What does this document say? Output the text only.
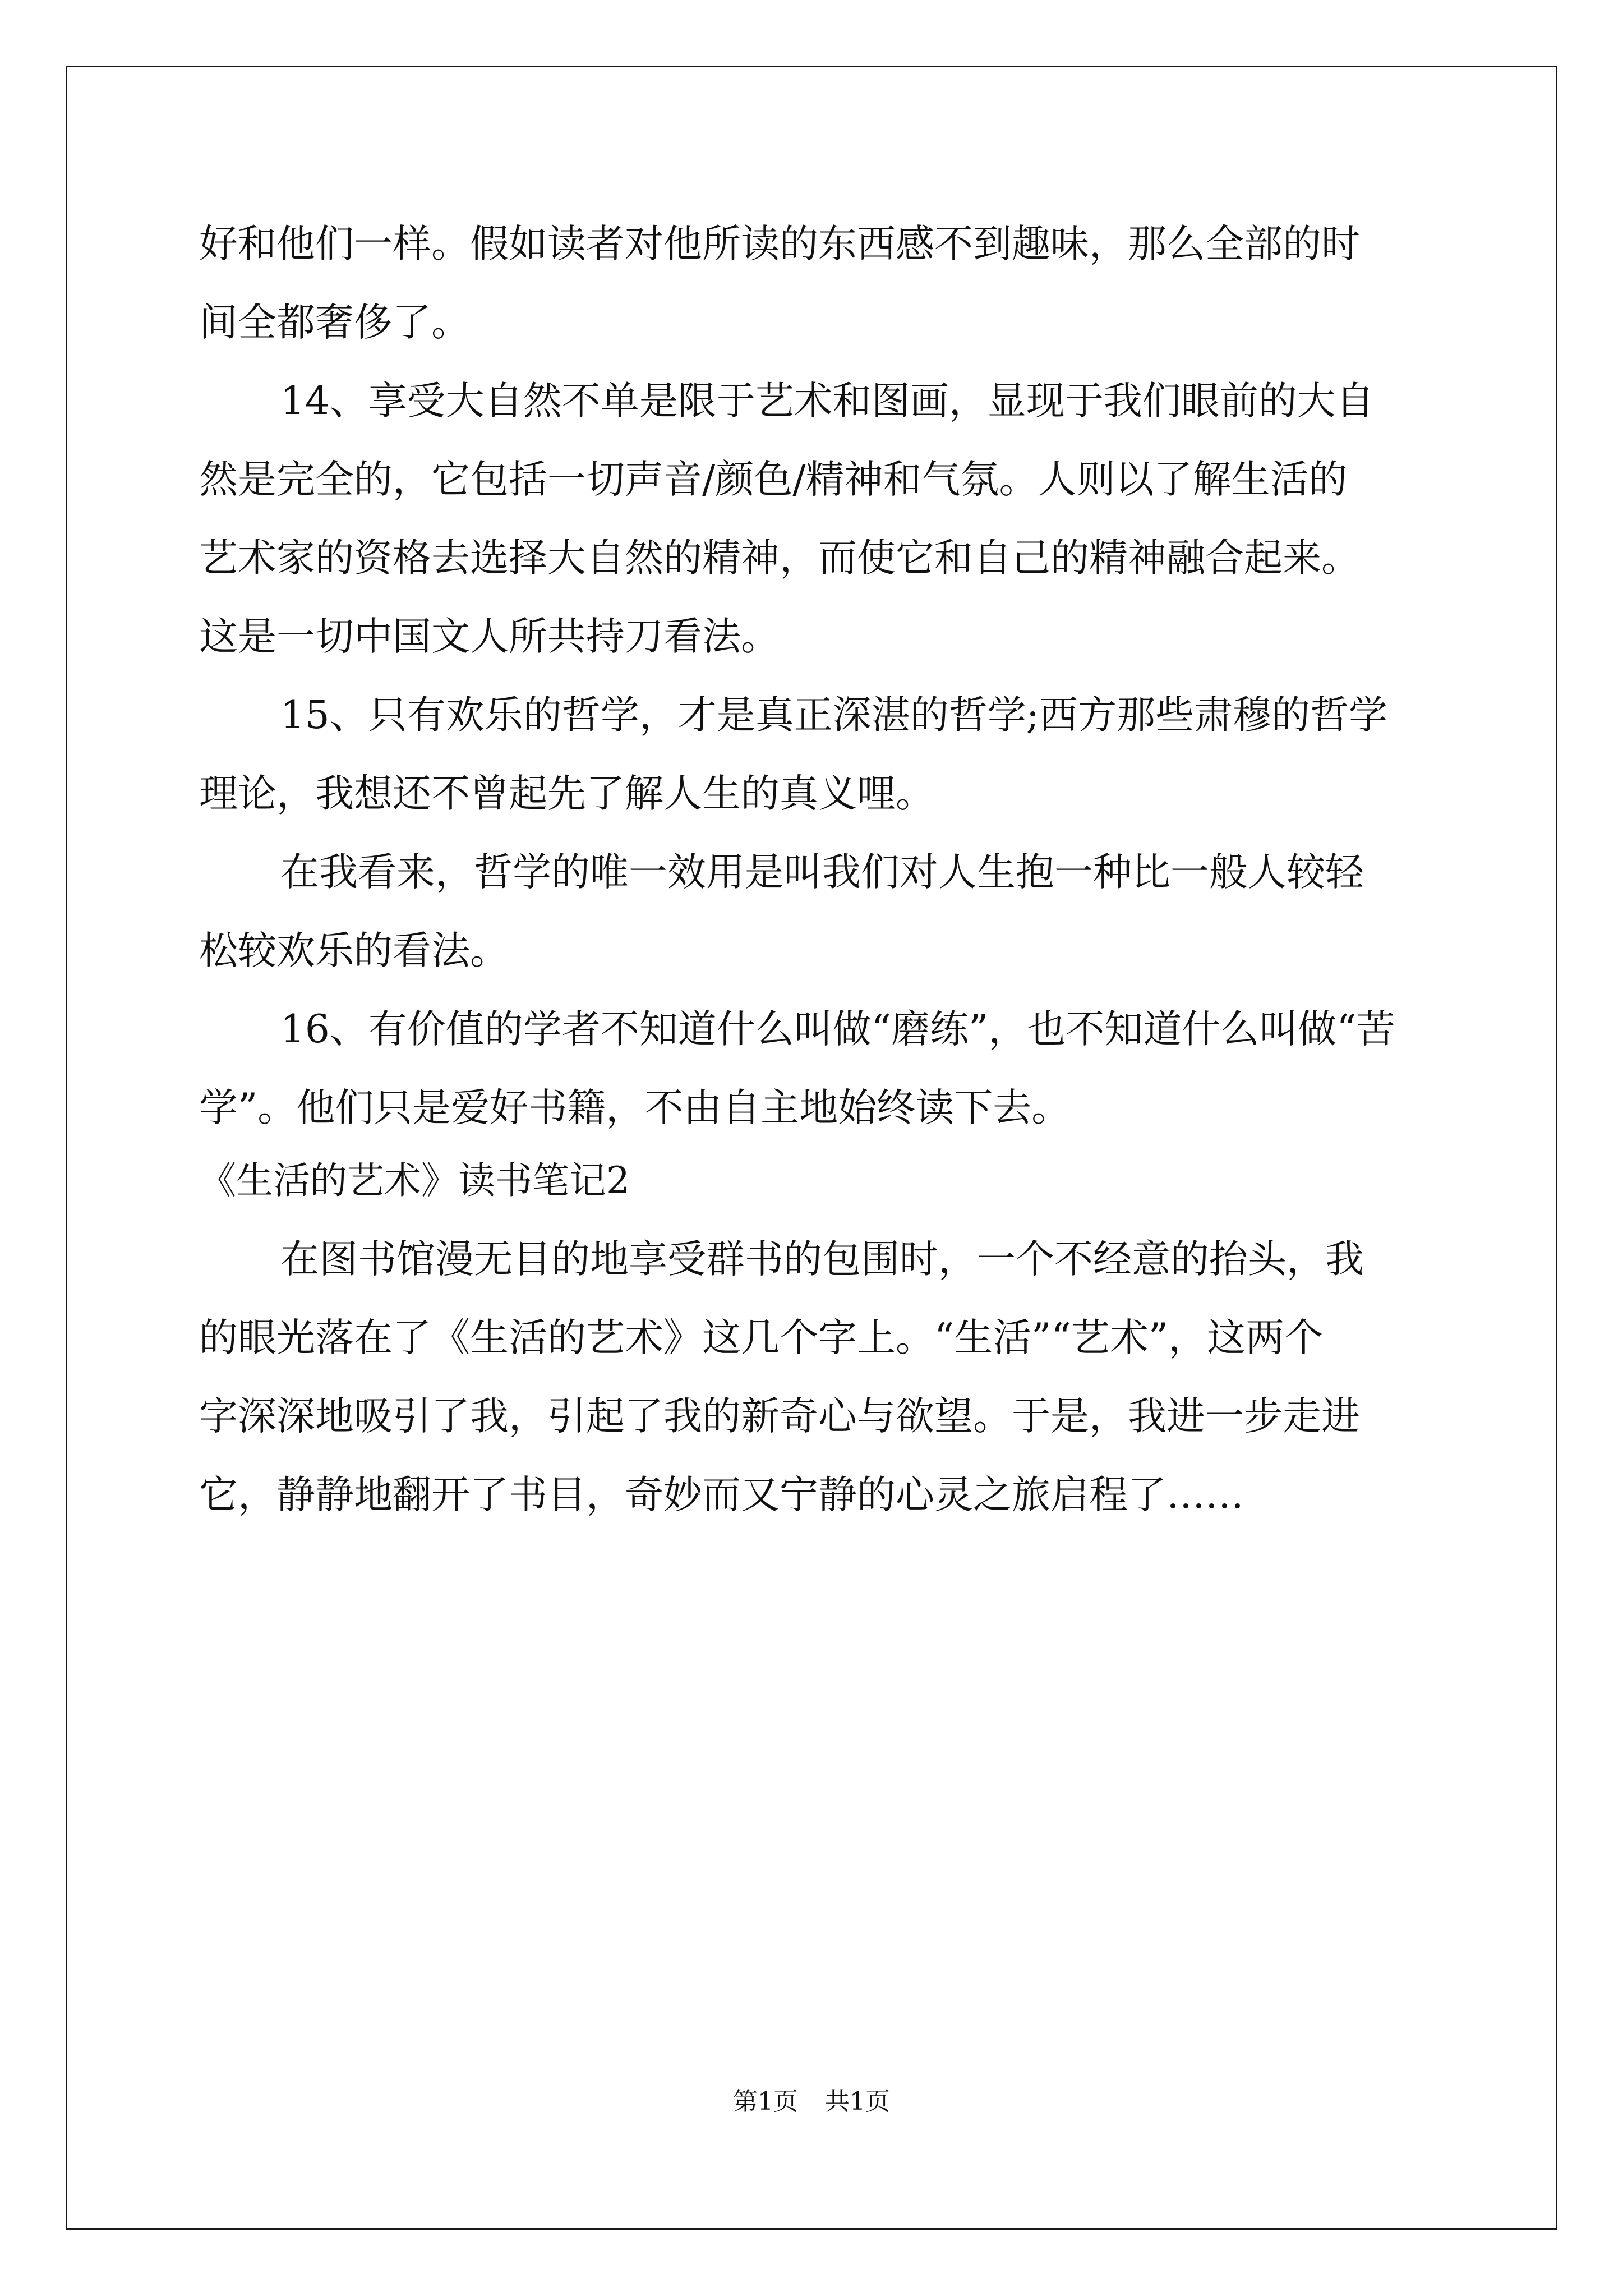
好和他们一样。假如读者对他所读的东西感不到趣味，那么全部的时
间全都奢侈了。
14、享受大自然不单是限于艺术和图画，显现于我们眼前的大自
然是完全的，它包括一切声音/颜色/精神和气氛。人则以了解生活的
艺术家的资格去选择大自然的精神，而使它和自己的精神融合起来。
这是一切中国文人所共持刀看法。
15、只有欢乐的哲学，才是真正深湛的哲学;西方那些肃穆的哲学
理论，我想还不曾起先了解人生的真义哩。
在我看来，哲学的唯一效用是叫我们对人生抱一种比一般人较轻
松较欢乐的看法。
16、有价值的学者不知道什么叫做“磨练”，也不知道什么叫做“苦
学”。他们只是爱好书籍，不由自主地始终读下去。
《生活的艺术》读书笔记2
在图书馆漫无目的地享受群书的包围时，一个不经意的抬头，我
的眼光落在了《生活的艺术》这几个字上。“生活”“艺术”，这两个
字深深地吸引了我，引起了我的新奇心与欲望。于是，我进一步走进
它，静静地翻开了书目，奇妙而又宁静的心灵之旅启程了……
第1页 共1页
